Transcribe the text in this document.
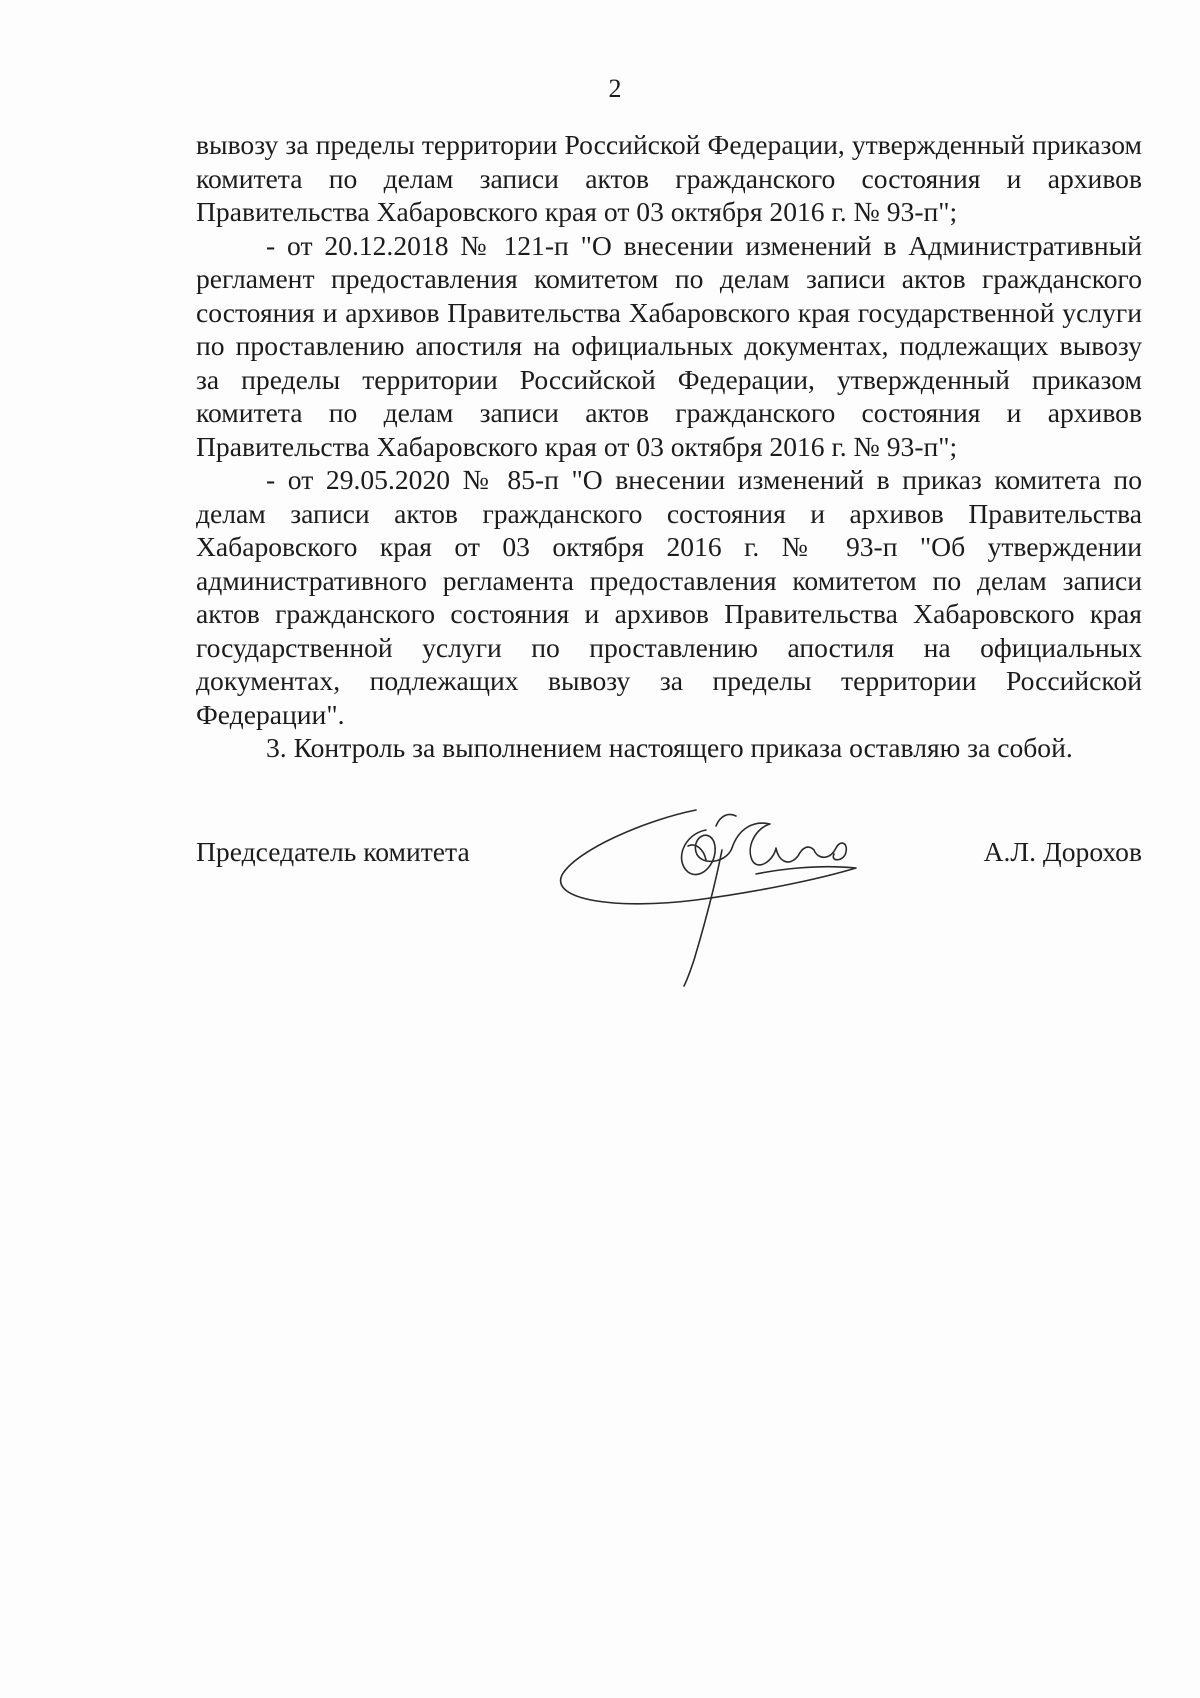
2

вывозу за пределы территории Российской Федерации, утвержденный приказом комитета по делам записи актов гражданского состояния и архивов Правительства Хабаровского края от 03 октября 2016 г. № 93-п";

- от 20.12.2018 № 121-п "О внесении изменений в Административный регламент предоставления комитетом по делам записи актов гражданского состояния и архивов Правительства Хабаровского края государственной услуги по проставлению апостиля на официальных документах, подлежащих вывозу за пределы территории Российской Федерации, утвержденный приказом комитета по делам записи актов гражданского состояния и архивов Правительства Хабаровского края от 03 октября 2016 г. № 93-п";

- от 29.05.2020 № 85-п "О внесении изменений в приказ комитета по делам записи актов гражданского состояния и архивов Правительства Хабаровского края от 03 октября 2016 г. № 93-п "Об утверждении административного регламента предоставления комитетом по делам записи актов гражданского состояния и архивов Правительства Хабаровского края государственной услуги по проставлению апостиля на официальных документах, подлежащих вывозу за пределы территории Российской Федерации".

3. Контроль за выполнением настоящего приказа оставляю за собой.

Председатель комитета	А.Л. Дорохов
